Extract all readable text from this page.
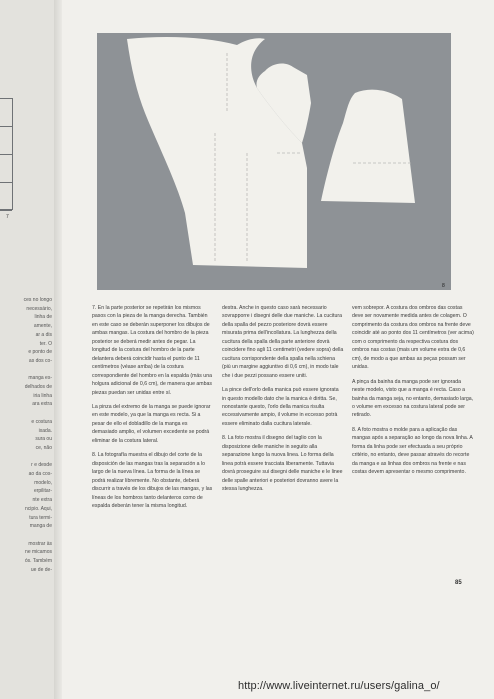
7
ces no longo
necessário,
linha de
amente,
ar a dis
ter. O
e ponto de
as dos co-

manga es-
delhados de
iria linha
ara extra

e costura
ixada.
sura ou
ce, não

r e desde
ao da cos-
modelo,
erpilitar-
nte extra
ncipio. Aqui,
tura termi-
manga de

mostrar às
ne micamos
ós. Também
ue de de-
8

7. En la parte posterior se repetirán los mismos pasos con la pieza de la manga derecha. También en este caso se deberán superponer los dibujos de ambas mangas. La costura del hombro de la pieza posterior se deberá medir antes de pegar. La longitud de la costura del hombro de la parte delantera deberá coincidir hasta el punto de 11 centímetros (véase arriba) de la costura correspondiente del hombro en la espalda (más una holgura adicional de 0,6 cm), de manera que ambas piezas puedan ser unidas entre sí.

La pinza del extremo de la manga se puede ignorar en este modelo, ya que la manga es recta. Si a pesar de ello el dobladillo de la manga es demasiado amplio, el volumen excedente se podrá eliminar de la costura lateral.

8. La fotografía muestra el dibujo del corte de la disposición de las mangas tras la separación a lo largo de la nueva línea. La forma de la línea se podrá realizar libremente. No obstante, deberá discurrir a través de los dibujos de las mangas, y las líneas de los hombros tanto delanteros como de espalda deberán tener la misma longitud.

destra. Anche in questo caso sarà necessario sovrapporre i disegni delle due maniche. La cucitura della spalla del pezzo posteriore dovrà essere misurata prima dell'incollatura. La lunghezza della cucitura della spalla della parte anteriore dovrà coincidere fino agli 11 centimetri (vedere sopra) della cucitura corrispondente della spalla nella schiena (più un margine aggiuntivo di 0,6 cm), in modo tale che i due pezzi possano essere uniti.

La pince dell'orlo della manica può essere ignorata in questo modello dato che la manica è diritta. Se, nonostante questo, l'orlo della manica risulta eccessivamente ampio, il volume in eccesso potrà essere eliminato dalla cucitura laterale.

8. La foto mostra il disegno del taglio con la disposizione delle maniche in seguito alla separazione lungo la nuova linea. Lo forma della linea potrà essere tracciata liberamente. Tuttavia dovrà proseguire sui disegni delle maniche e le linee delle spalle anteriori e posteriori dovranno avere la stessa lunghezza.

vem sobrepor. A costura dos ombros das costas deve ser novamente medida antes de colagem. O comprimento da costura dos ombros na frente deve coincidir até ao ponto dos 11 centímetros (ver acima) com o comprimento da respectiva costura dos ombros nas costas (mais um volume extra de 0,6 cm), de modo a que ambas as peças possam ser unidas.

A pinça da bainha da manga pode ser ignorada neste modelo, visto que a manga é recta. Caso a bainha da manga seja, no entanto, demasiado larga, o volume em excesso na costura lateral pode ser retirado.

8. A foto mostra o molde para a aplicação das mangas após a separação ao longo da nova linha. A forma da linha pode ser efectuada a seu próprio critério, no entanto, deve passar através do recorte da manga e as linhas dos ombros na frente e nas costas devem apresentar o mesmo comprimento.

85
http://www.liveinternet.ru/users/galina_o/
